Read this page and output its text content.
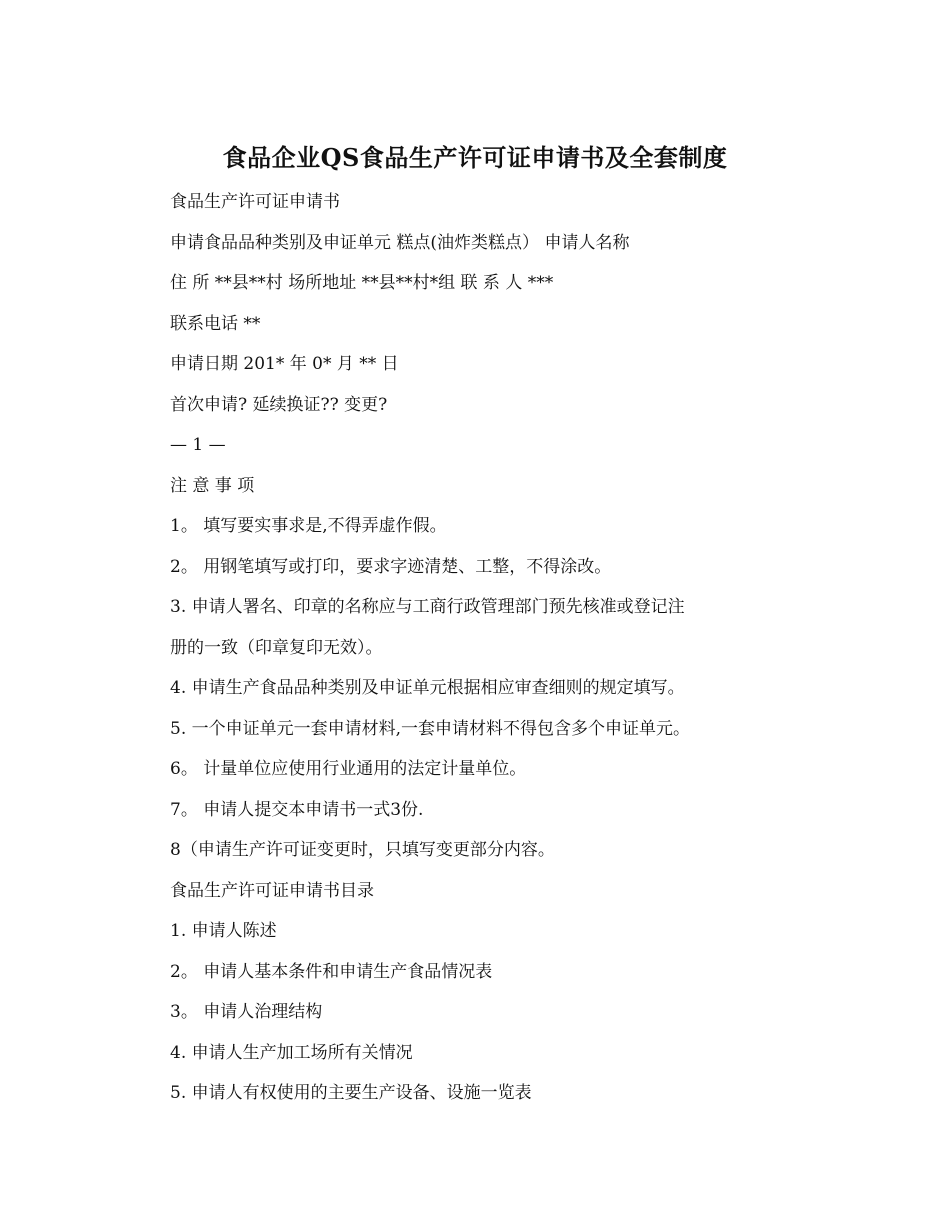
食品企业QS食品生产许可证申请书及全套制度
食品生产许可证申请书
申请食品品种类别及申证单元 糕点(油炸类糕点） 申请人名称
住 所 **县**村 场所地址 **县**村*组 联 系 人 ***
联系电话 **
申请日期 201* 年 0* 月 ** 日
首次申请? 延续换证?? 变更?
— 1 —
注 意 事 项
1。 填写要实事求是,不得弄虚作假。
2。 用钢笔填写或打印，要求字迹清楚、工整，不得涂改。
3. 申请人署名、印章的名称应与工商行政管理部门预先核准或登记注
册的一致（印章复印无效）。
4. 申请生产食品品种类别及申证单元根据相应审查细则的规定填写。
5. 一个申证单元一套申请材料,一套申请材料不得包含多个申证单元。
6。 计量单位应使用行业通用的法定计量单位。
7。 申请人提交本申请书一式3份.
8（申请生产许可证变更时，只填写变更部分内容。
食品生产许可证申请书目录
1. 申请人陈述
2。 申请人基本条件和申请生产食品情况表
3。 申请人治理结构
4. 申请人生产加工场所有关情况
5. 申请人有权使用的主要生产设备、设施一览表
